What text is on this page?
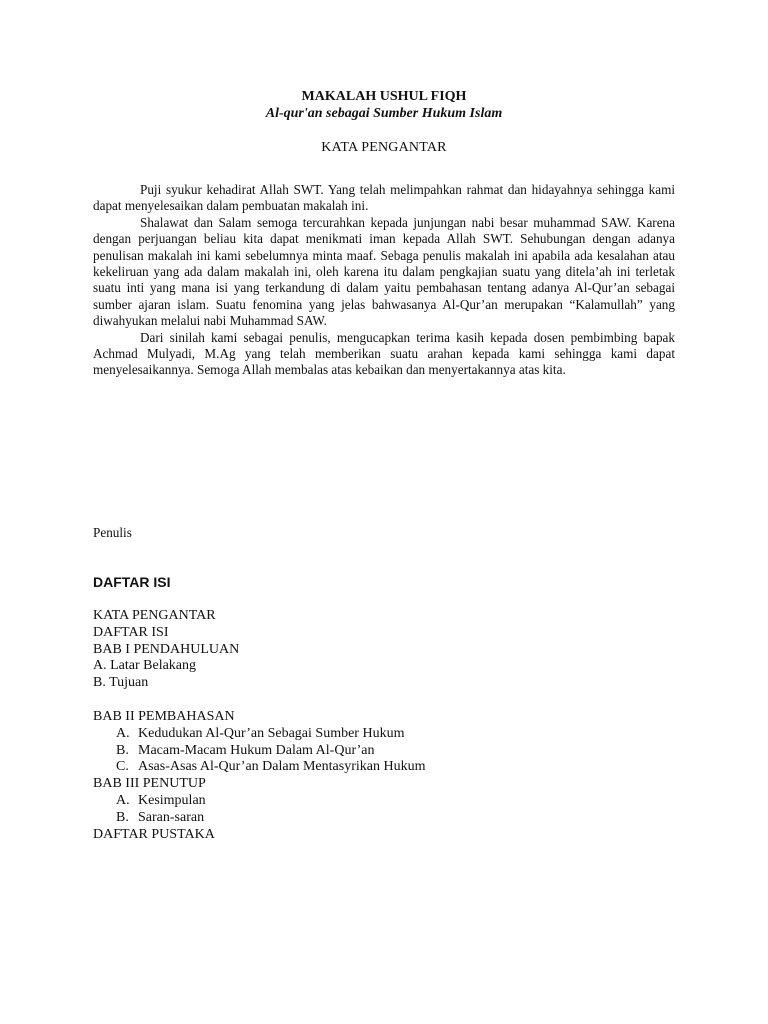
MAKALAH USHUL FIQH
Al-qur'an sebagai Sumber Hukum Islam
KATA PENGANTAR

Puji syukur kehadirat Allah SWT. Yang telah melimpahkan rahmat dan hidayahnya sehingga kami dapat menyelesaikan dalam pembuatan makalah ini.

Shalawat dan Salam semoga tercurahkan kepada junjungan nabi besar muhammad SAW. Karena dengan perjuangan beliau kita dapat menikmati iman kepada Allah SWT. Sehubungan dengan adanya penulisan makalah ini kami sebelumnya minta maaf. Sebaga penulis makalah ini apabila ada kesalahan atau kekeliruan yang ada dalam makalah ini, oleh karena itu dalam pengkajian suatu yang ditela’ah ini terletak suatu inti yang mana isi yang terkandung di dalam yaitu pembahasan tentang adanya Al-Qur’an sebagai sumber ajaran islam. Suatu fenomina yang jelas bahwasanya Al-Qur’an merupakan “Kalamullah” yang diwahyukan melalui nabi Muhammad SAW.

Dari sinilah kami sebagai penulis, mengucapkan terima kasih kepada dosen pembimbing bapak Achmad Mulyadi, M.Ag yang telah memberikan suatu arahan kepada kami sehingga kami dapat menyelesaikannya. Semoga Allah membalas atas kebaikan dan menyertakannya atas kita.

Penulis
DAFTAR ISI
KATA PENGANTAR
DAFTAR ISI
BAB I PENDAHULUAN
A. Latar Belakang
B. Tujuan
BAB II PEMBAHASAN
A. Kedudukan Al-Qur’an Sebagai Sumber Hukum
B. Macam-Macam Hukum Dalam Al-Qur’an
C. Asas-Asas Al-Qur’an Dalam Mentasyrikan Hukum
BAB III PENUTUP
A. Kesimpulan
B. Saran-saran
DAFTAR PUSTAKA
